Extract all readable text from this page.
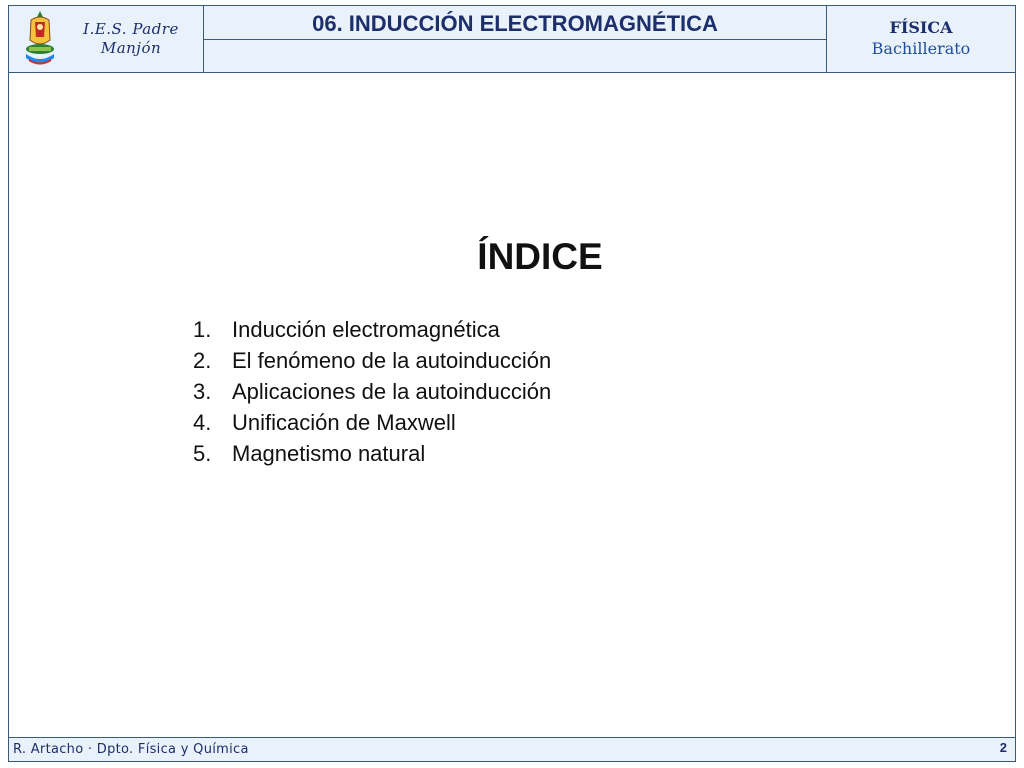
I.E.S. Padre Manjón
06. INDUCCIÓN ELECTROMAGNÉTICA	FÍSICA
Bachillerato
ÍNDICE
1. Inducción electromagnética
2. El fenómeno de la autoinducción
3. Aplicaciones de la autoinducción
4. Unificación de Maxwell
5. Magnetismo natural
R. Artacho · Dpto. Física y Química	2
